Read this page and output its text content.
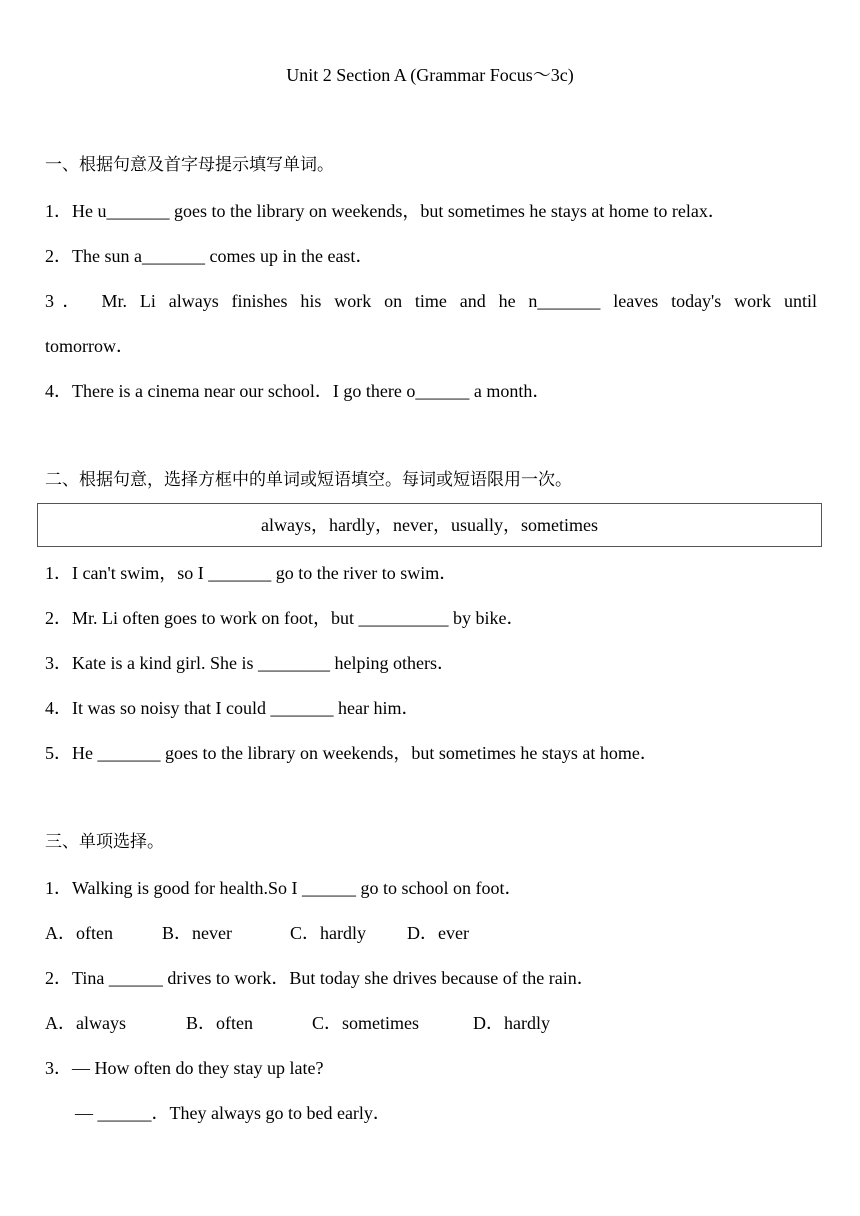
Unit 2 Section A (Grammar Focus～3c)
一、根据句意及首字母提示填写单词。
1．He u_______ goes to the library on weekends，but sometimes he stays at home to relax．
2．The sun a_______ comes up in the east．
3． Mr. Li always finishes his work on time and he n_______ leaves today's work until
tomorrow．
4．There is a cinema near our school．I go there o______ a month．
二、根据句意，选择方框中的单词或短语填空。每词或短语限用一次。
always，hardly，never，usually，sometimes
1．I can't swim，so I _______ go to the river to swim．
2．Mr. Li often goes to work on foot，but __________ by bike．
3．Kate is a kind girl. She is ________ helping others．
4．It was so noisy that I could _______ hear him．
5．He _______ goes to the library on weekends，but sometimes he stays at home．
三、单项选择。
1．Walking is good for health.So I ______ go to school on foot．
A．often	B．never	C．hardly D．ever
2．Tina ______ drives to work．But today she drives because of the rain．
A．always	B．often	C．sometimes	D．hardly
3．— How often do they stay up late?
— ______．They always go to bed early．
